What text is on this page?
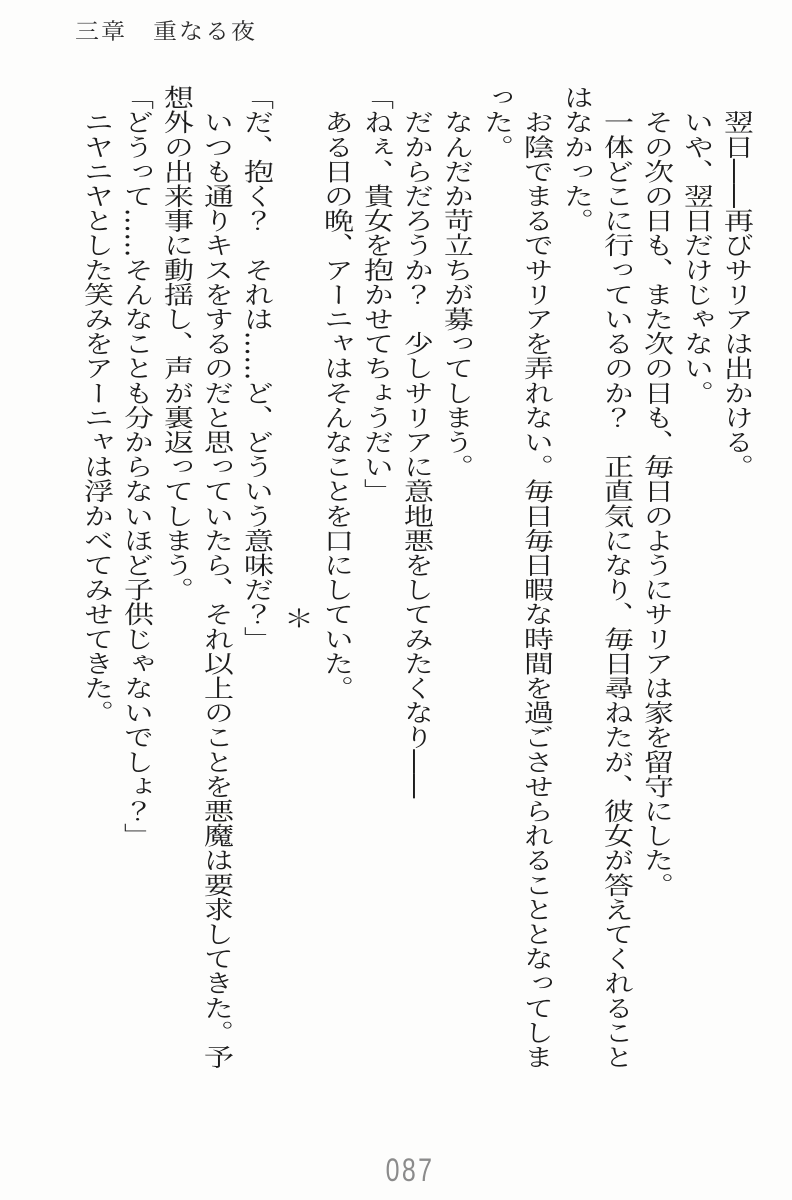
三章　重なる夜

　翌日――再びサリアは出かける。

　いや、翌日だけじゃない。

　その次の日も、また次の日も、毎日のようにサリアは家を留守にした。

　一体どこに行っているのか？　正直気になり、毎日尋ねたが、彼女が答えてくれること

はなかった。

　お陰でまるでサリアを弄れない。毎日毎日暇な時間を過ごさせられることとなってしま

った。

　なんだか苛立ちが募ってしまう。

　だからだろうか？　少しサリアに意地悪をしてみたくなり――

「ねぇ、貴女を抱かせてちょうだい」

　ある日の晩、アーニャはそんなことを口にしていた。

＊

「だ、抱く？　それは……ど、どういう意味だ？」

　いつも通りキスをするのだと思っていたら、それ以上のことを悪魔は要求してきた。予

想外の出来事に動揺し、声が裏返ってしまう。

「どうって……そんなことも分からないほど子供じゃないでしょ？」

　ニヤニヤとした笑みをアーニャは浮かべてみせてきた。

087
